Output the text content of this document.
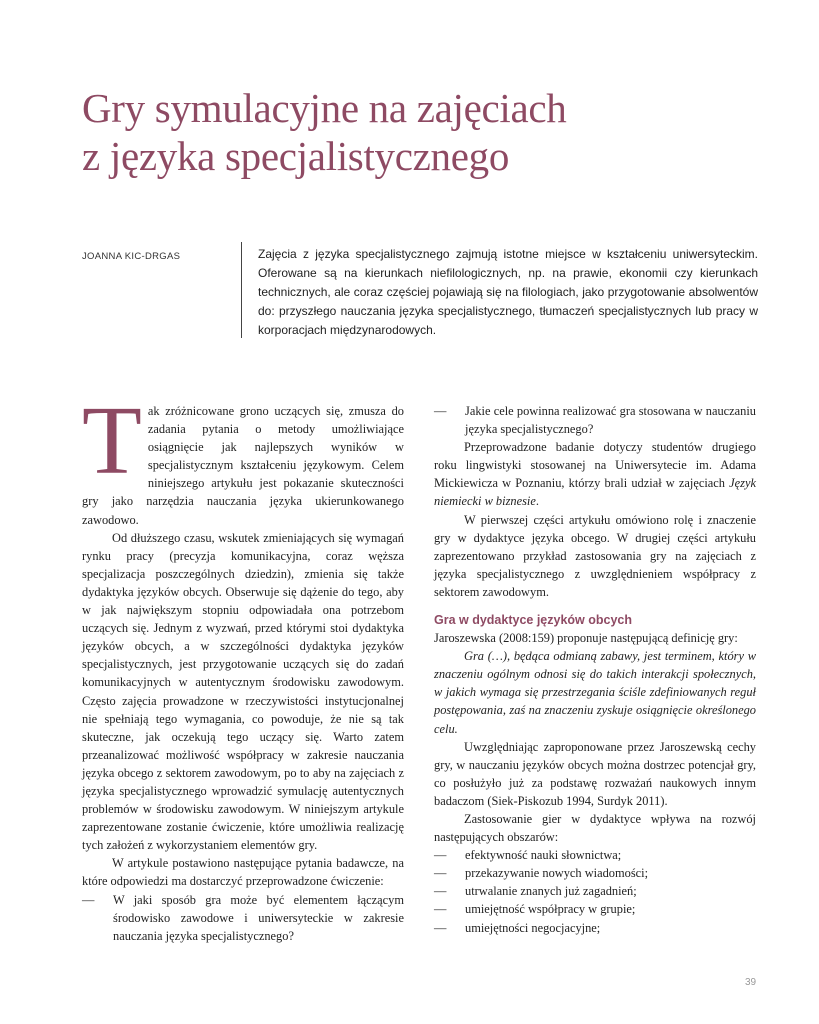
Gry symulacyjne na zajęciach
z języka specjalistycznego
JOANNA KIC-DRGAS	Zajęcia z języka specjalistycznego zajmują istotne miejsce w kształceniu uniwersyteckim. Oferowane są na kierunkach niefilologicznych, np. na prawie, ekonomii czy kierunkach technicznych, ale coraz częściej pojawiają się na filologiach, jako przygotowanie absolwentów do: przyszłego nauczania języka specjalistycznego, tłumaczeń specjalistycznych lub pracy w korporacjach międzynarodowych.

Tak zróżnicowane grono uczących się, zmusza do zadania pytania o metody umożliwiające osiągnięcie jak najlepszych wyników w specjalistycznym kształceniu językowym. Celem niniejszego artykułu jest pokazanie skuteczności gry jako narzędzia nauczania języka ukierunkowanego zawodowo.

Od dłuższego czasu, wskutek zmieniających się wymagań rynku pracy (precyzja komunikacyjna, coraz węższa specjalizacja poszczególnych dziedzin), zmienia się także dydaktyka języków obcych. Obserwuje się dążenie do tego, aby w jak największym stopniu odpowiadała ona potrzebom uczących się. Jednym z wyzwań, przed którymi stoi dydaktyka języków obcych, a w szczególności dydaktyka języków specjalistycznych, jest przygotowanie uczących się do zadań komunikacyjnych w autentycznym środowisku zawodowym. Często zajęcia prowadzone w rzeczywistości instytucjonalnej nie spełniają tego wymagania, co powoduje, że nie są tak skuteczne, jak oczekują tego uczący się. Warto zatem przeanalizować możliwość współpracy w zakresie nauczania języka obcego z sektorem zawodowym, po to aby na zajęciach z języka specjalistycznego wprowadzić symulację autentycznych problemów w środowisku zawodowym. W niniejszym artykule zaprezentowane zostanie ćwiczenie, które umożliwia realizację tych założeń z wykorzystaniem elementów gry.

W artykule postawiono następujące pytania badawcze, na które odpowiedzi ma dostarczyć przeprowadzone ćwiczenie:

—	W jaki sposób gra może być elementem łączącym środowisko zawodowe i uniwersyteckie w zakresie nauczania języka specjalistycznego?
—	Jakie cele powinna realizować gra stosowana w nauczaniu języka specjalistycznego?

Przeprowadzone badanie dotyczy studentów drugiego roku lingwistyki stosowanej na Uniwersytecie im. Adama Mickiewicza w Poznaniu, którzy brali udział w zajęciach Język niemiecki w biznesie.

W pierwszej części artykułu omówiono rolę i znaczenie gry w dydaktyce języka obcego. W drugiej części artykułu zaprezentowano przykład zastosowania gry na zajęciach z języka specjalistycznego z uwzględnieniem współpracy z sektorem zawodowym.

Gra w dydaktyce języków obcych

Jaroszewska (2008:159) proponuje następującą definicję gry:

Gra (…), będąca odmianą zabawy, jest terminem, który w znaczeniu ogólnym odnosi się do takich interakcji społecznych, w jakich wymaga się przestrzegania ściśle zdefiniowanych reguł postępowania, zaś na znaczeniu zyskuje osiągnięcie określonego celu.

Uwzględniając zaproponowane przez Jaroszewską cechy gry, w nauczaniu języków obcych można dostrzec potencjał gry, co posłużyło już za podstawę rozważań naukowych innym badaczom (Siek-Piskozub 1994, Surdyk 2011).

Zastosowanie gier w dydaktyce wpływa na rozwój następujących obszarów:

—	efektywność nauki słownictwa;
—	przekazywanie nowych wiadomości;
—	utrwalanie znanych już zagadnień;
—	umiejętność współpracy w grupie;
—	umiejętności negocjacyjne;
39
